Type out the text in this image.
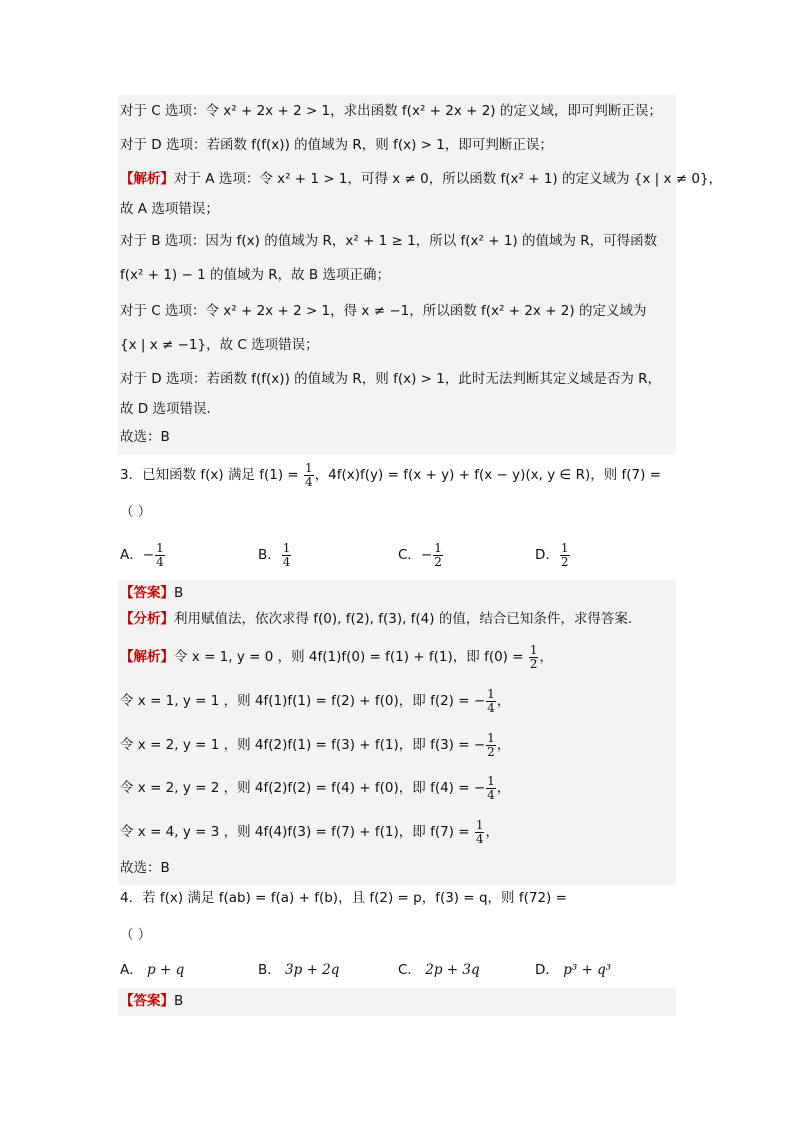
对于 C 选项：令 x² + 2x + 2 > 1，求出函数 f(x² + 2x + 2) 的定义域，即可判断正误；
对于 D 选项：若函数 f(f(x)) 的值域为 R，则 f(x) > 1，即可判断正误；
【解析】对于 A 选项：令 x² + 1 > 1，可得 x ≠ 0，所以函数 f(x² + 1) 的定义域为 {x | x ≠ 0}，
故 A 选项错误；
对于 B 选项：因为 f(x) 的值域为 R，x² + 1 ≥ 1，所以 f(x² + 1) 的值域为 R，可得函数
f(x² + 1) − 1 的值域为 R，故 B 选项正确；
对于 C 选项：令 x² + 2x + 2 > 1，得 x ≠ −1，所以函数 f(x² + 2x + 2) 的定义域为
{x | x ≠ −1}，故 C 选项错误；
对于 D 选项：若函数 f(f(x)) 的值域为 R，则 f(x) > 1，此时无法判断其定义域是否为 R，
故 D 选项错误.
故选：B
3．已知函数 f(x) 满足 $f(1) = \frac{1}{4}$ ，4f(x)f(y) = f(x + y) + f(x − y)(x, y ∈ R)，则 f(7) =
（ ）
A．− $\frac{1}{4}$	B． $\frac{1}{4}$	C．− $\frac{1}{2}$	D． $\frac{1}{2}$
【答案】B
【分析】利用赋值法，依次求得 f(0), f(2), f(3), f(4) 的值，结合已知条件，求得答案.
【解析】令 x = 1, y = 0 ，则 4f(1)f(0) = f(1) + f(1)，即 $f(0) = \frac{1}{2}$ ，
令 x = 1, y = 1 ，则 4f(1)f(1) = f(2) + f(0)，即 f(2) = − $\frac{1}{4}$ ，
令 x = 2, y = 1 ，则 4f(2)f(1) = f(3) + f(1)，即 f(3) = − $\frac{1}{2}$ ，
令 x = 2, y = 2 ，则 4f(2)f(2) = f(4) + f(0)，即 f(4) = − $\frac{1}{4}$ ，
令 x = 4, y = 3 ，则 4f(4)f(3) = f(7) + f(1)，即 $f(7) = \frac{1}{4}$ ，
故选：B
4．若 f(x) 满足 f(ab) = f(a) + f(b)，且 f(2) = p，f(3) = q，则 f(72) =
（ ）
A． p + q	B． 3p + 2q	C． 2p + 3q	D． p³ + q³
【答案】B
